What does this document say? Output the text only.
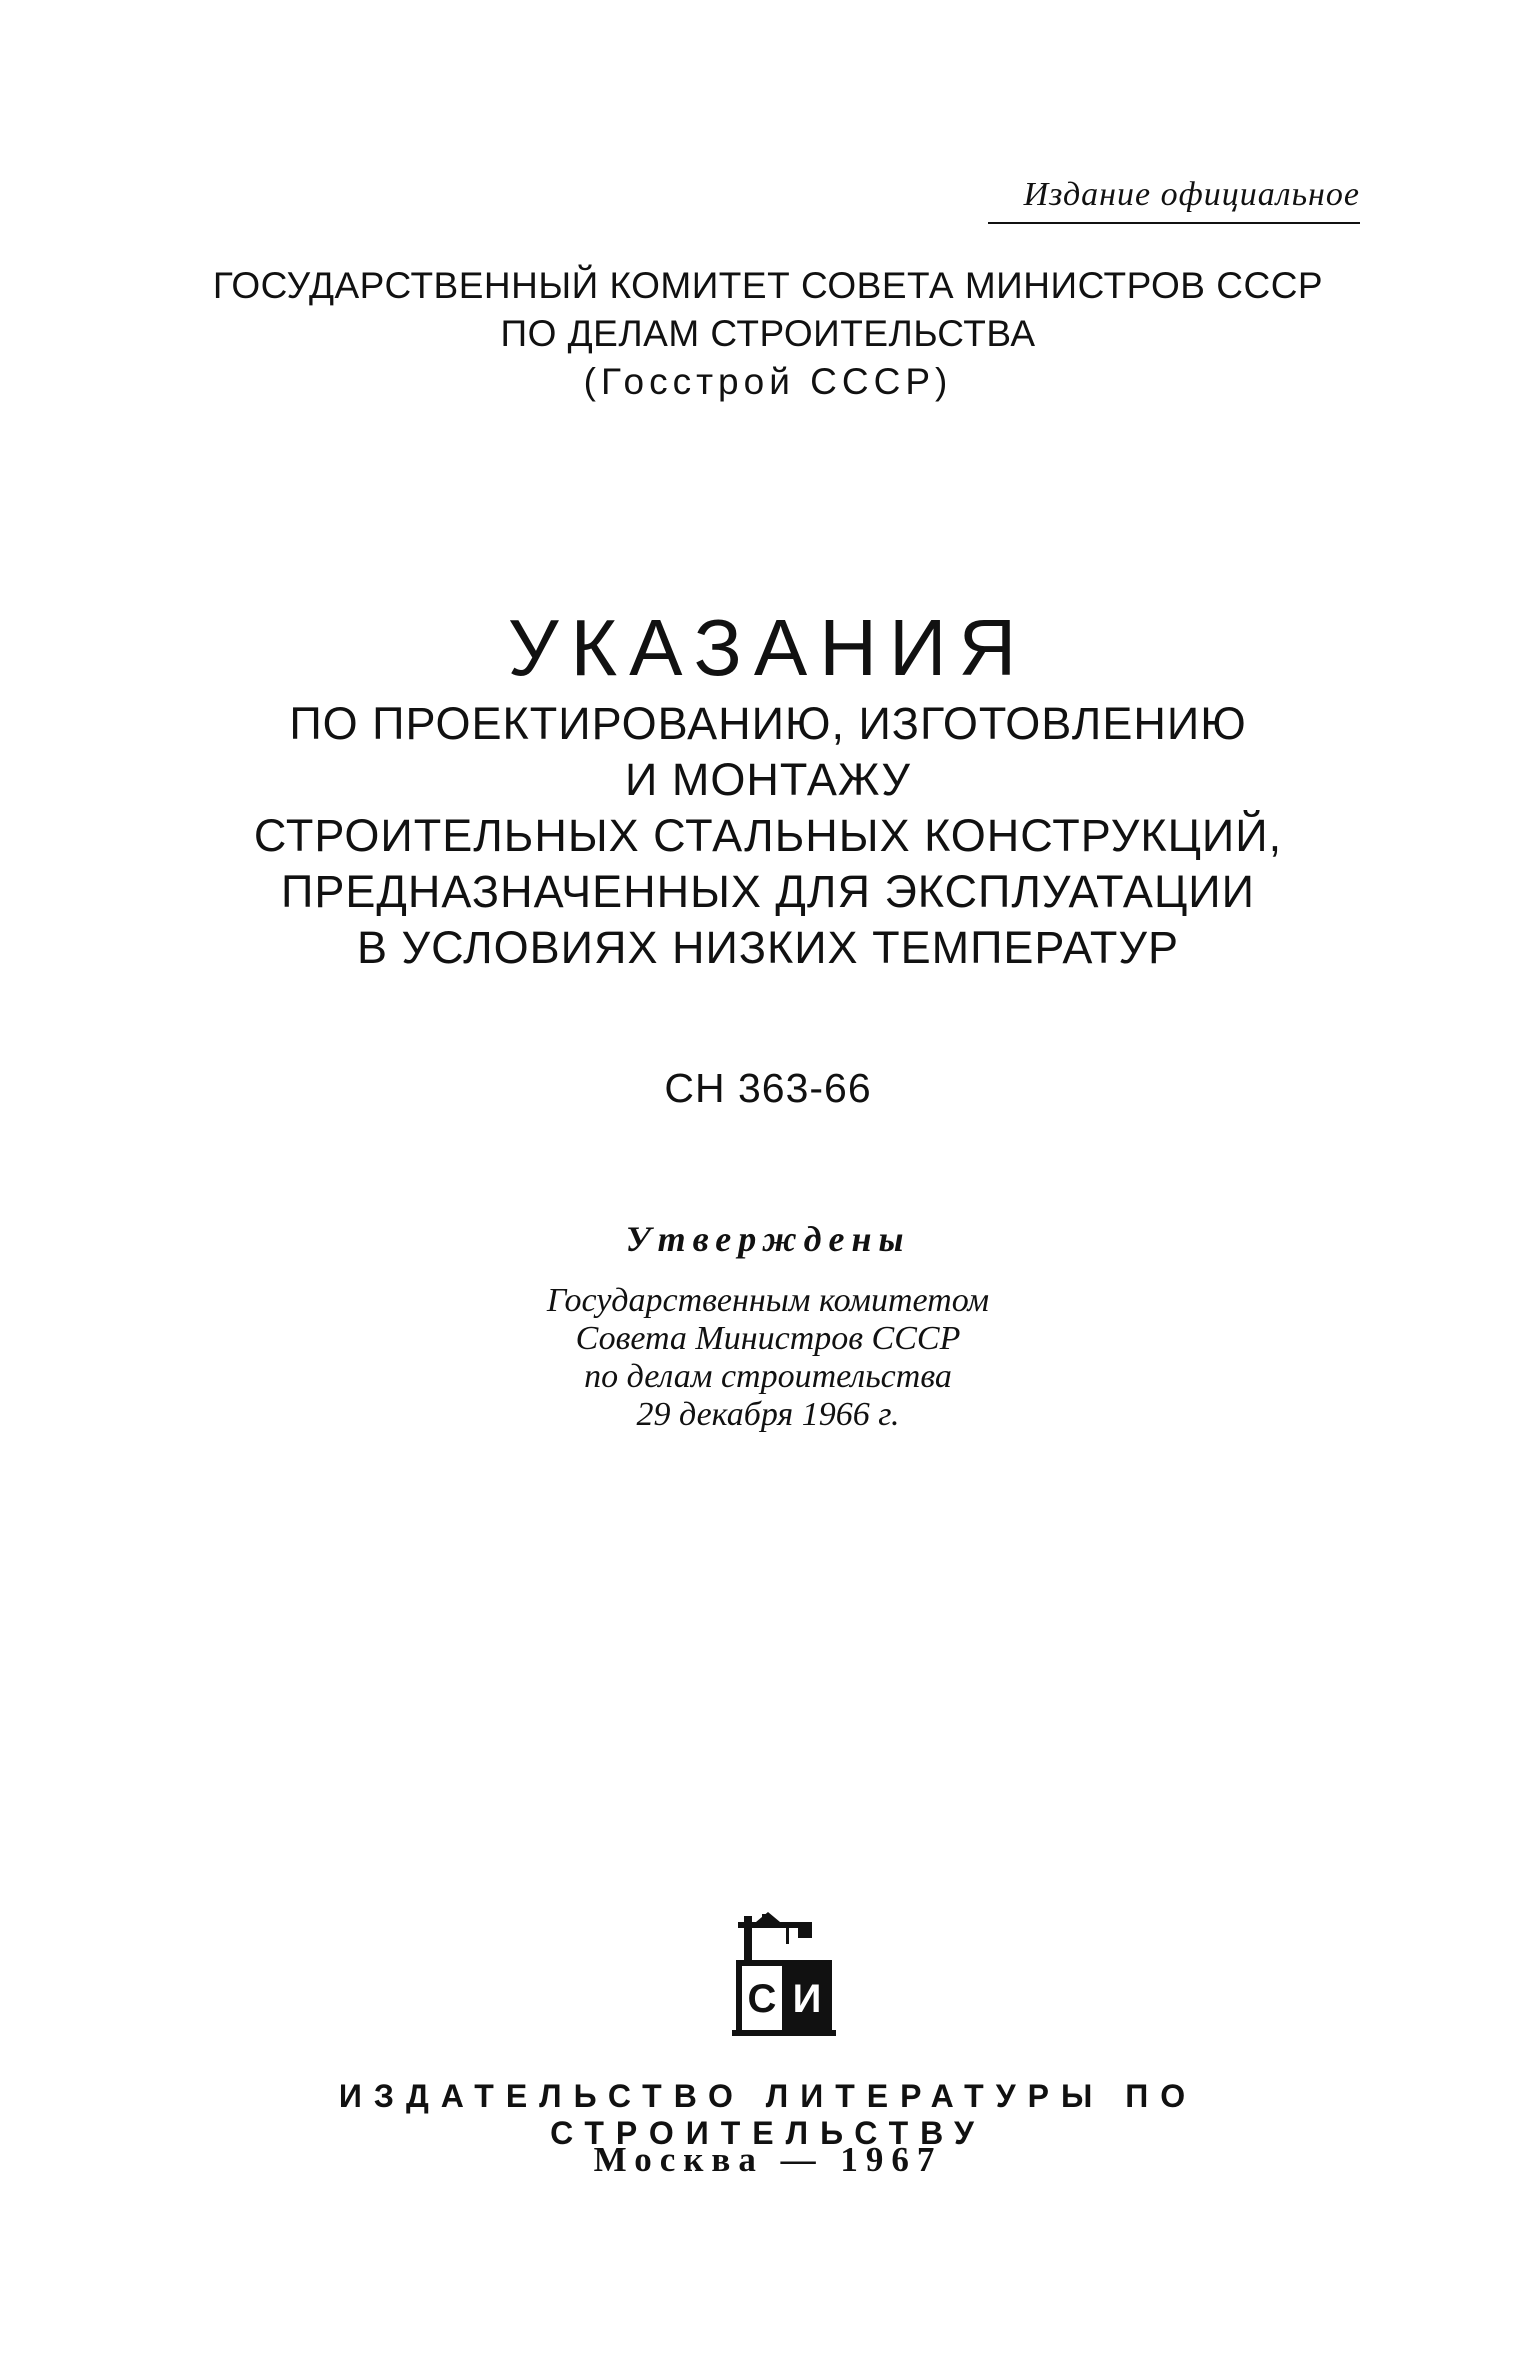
Издание официальное
ГОСУДАРСТВЕННЫЙ КОМИТЕТ СОВЕТА МИНИСТРОВ СССР
ПО ДЕЛАМ СТРОИТЕЛЬСТВА
(Госстрой СССР)
УКАЗАНИЯ
ПО ПРОЕКТИРОВАНИЮ, ИЗГОТОВЛЕНИЮ
И МОНТАЖУ
СТРОИТЕЛЬНЫХ СТАЛЬНЫХ КОНСТРУКЦИЙ,
ПРЕДНАЗНАЧЕННЫХ ДЛЯ ЭКСПЛУАТАЦИИ
В УСЛОВИЯХ НИЗКИХ ТЕМПЕРАТУР
СН 363-66
Утверждены
Государственным комитетом
Совета Министров СССР
по делам строительства
29 декабря 1966 г.
С И
ИЗДАТЕЛЬСТВО ЛИТЕРАТУРЫ ПО СТРОИТЕЛЬСТВУ
Москва — 1967
